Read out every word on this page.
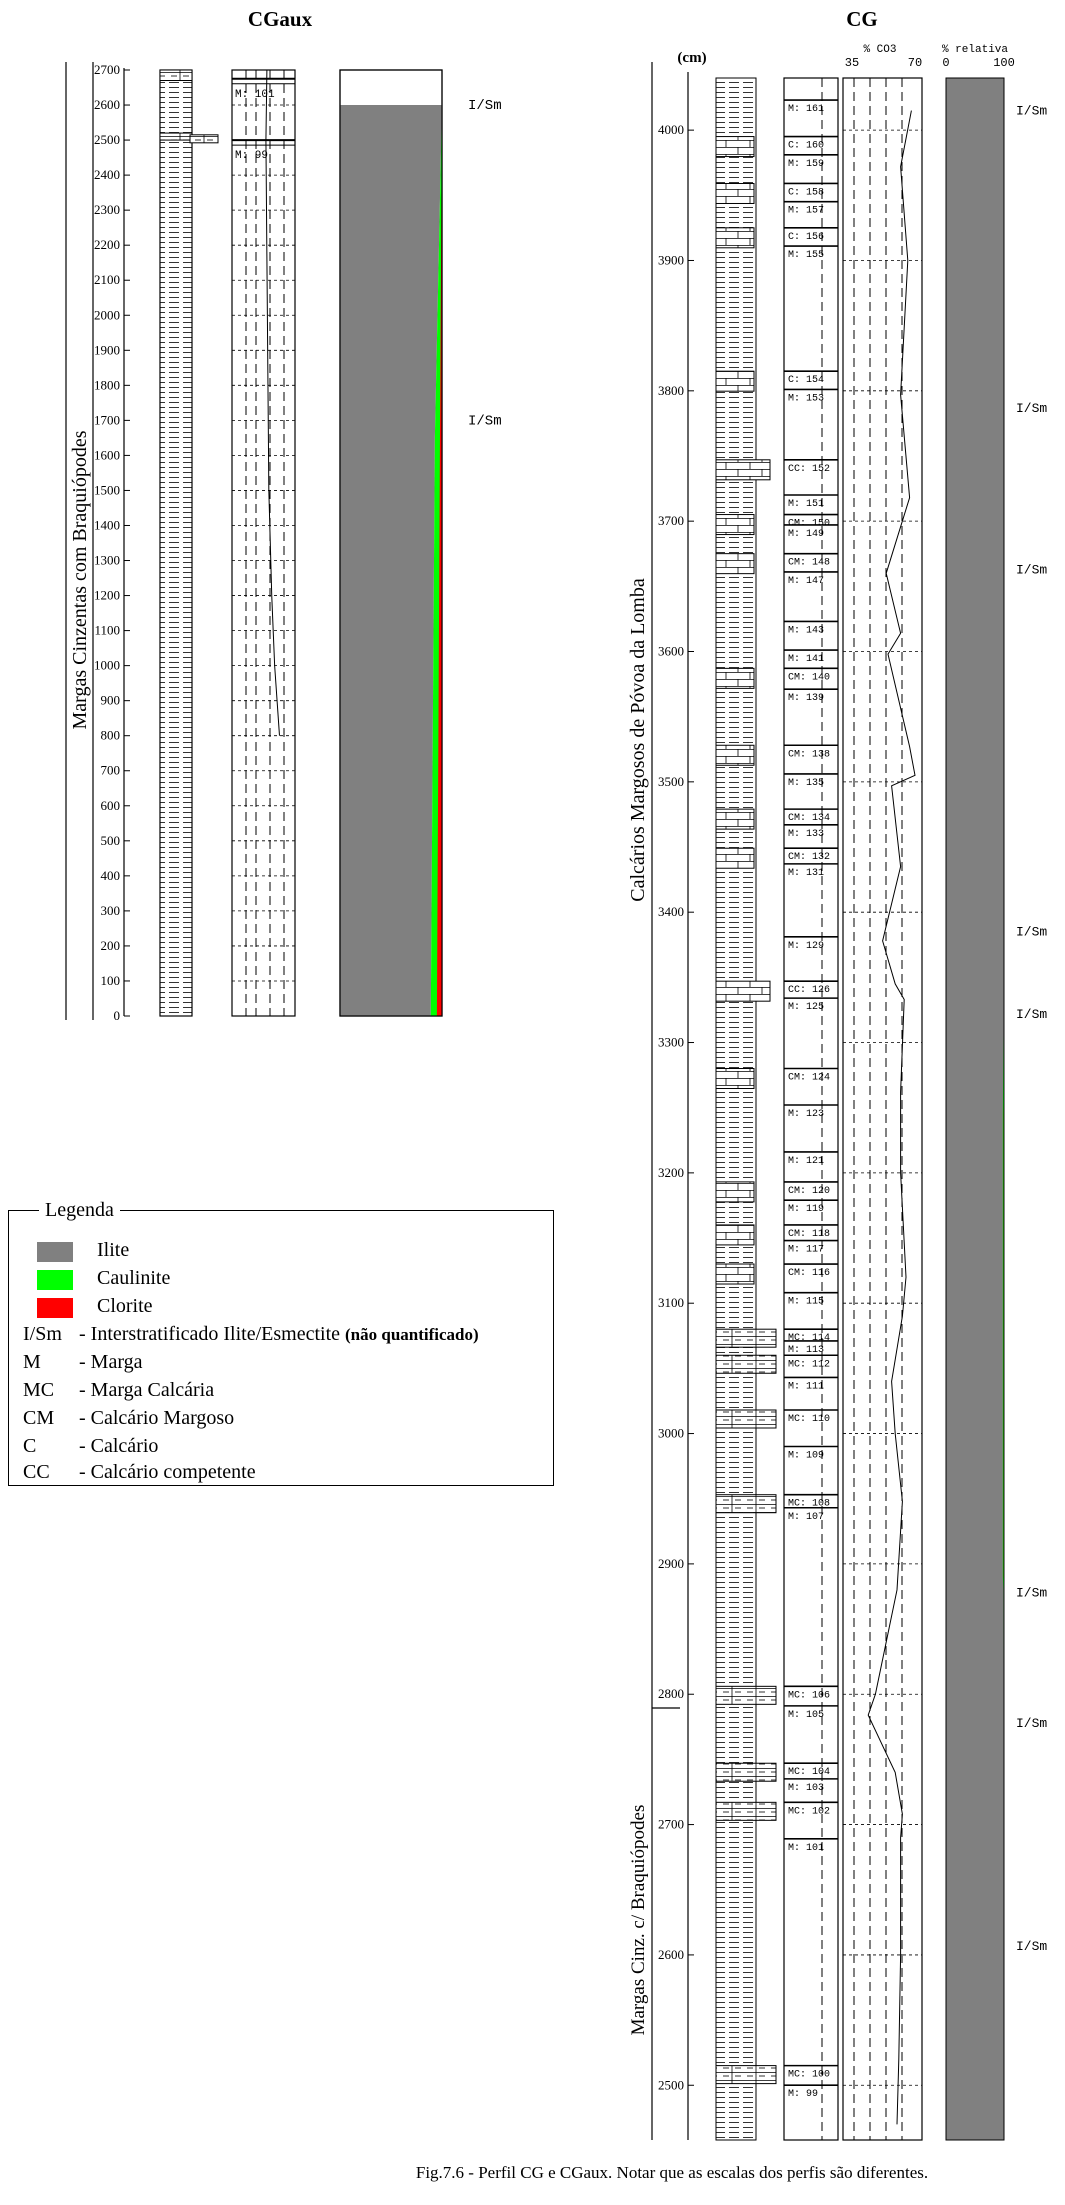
CGaux	CG
0
100
200
300
400
500
600
700
800
900
1000
1100
1200
1300
1400
1500
1600
1700
1800
1900
2000
2100
2200
2300
2400
2500
2600
2700
M: 101
M: 99
I/Sm
I/Sm
Margas Cinzentas com Braquiópodes
2500
2600
2700
2800
2900
3000
3100
3200
3300
3400
3500
3600
3700
3800
3900
4000
M: 161
C: 160
M: 159
C: 158
M: 157
C: 156
M: 155
C: 154
M: 153
CC: 152
M: 151
CM: 150
M: 149
CM: 148
M: 147
M: 143
M: 141
CM: 140
M: 139
CM: 138
M: 135
CM: 134
M: 133
CM: 132
M: 131
M: 129
CC: 126
M: 125
CM: 124
M: 123
M: 121
CM: 120
M: 119
CM: 118
M: 117
CM: 116
M: 115
MC: 114
M: 113
MC: 112
M: 111
MC: 110
M: 109
MC: 108
M: 107
MC: 106
M: 105
MC: 104
M: 103
MC: 102
M: 101
MC: 100
M: 99
I/Sm
I/Sm
I/Sm
I/Sm
I/Sm
I/Sm
I/Sm
I/Sm
(cm)	% CO3
35	70
% relativa
0	100
Calcários Margosos de Póvoa da Lomba
Margas Cinz. c/ Braquiópodes
Legenda
Ilite
Caulinite
Clorite
I/Sm - Interstratificado Ilite/Esmectite (não quantificado)
M - Marga
MC - Marga Calcária
CM - Calcário Margoso
C - Calcário
CC - Calcário competente
Fig.7.6 - Perfil CG e CGaux. Notar que as escalas dos perfis são diferentes.
